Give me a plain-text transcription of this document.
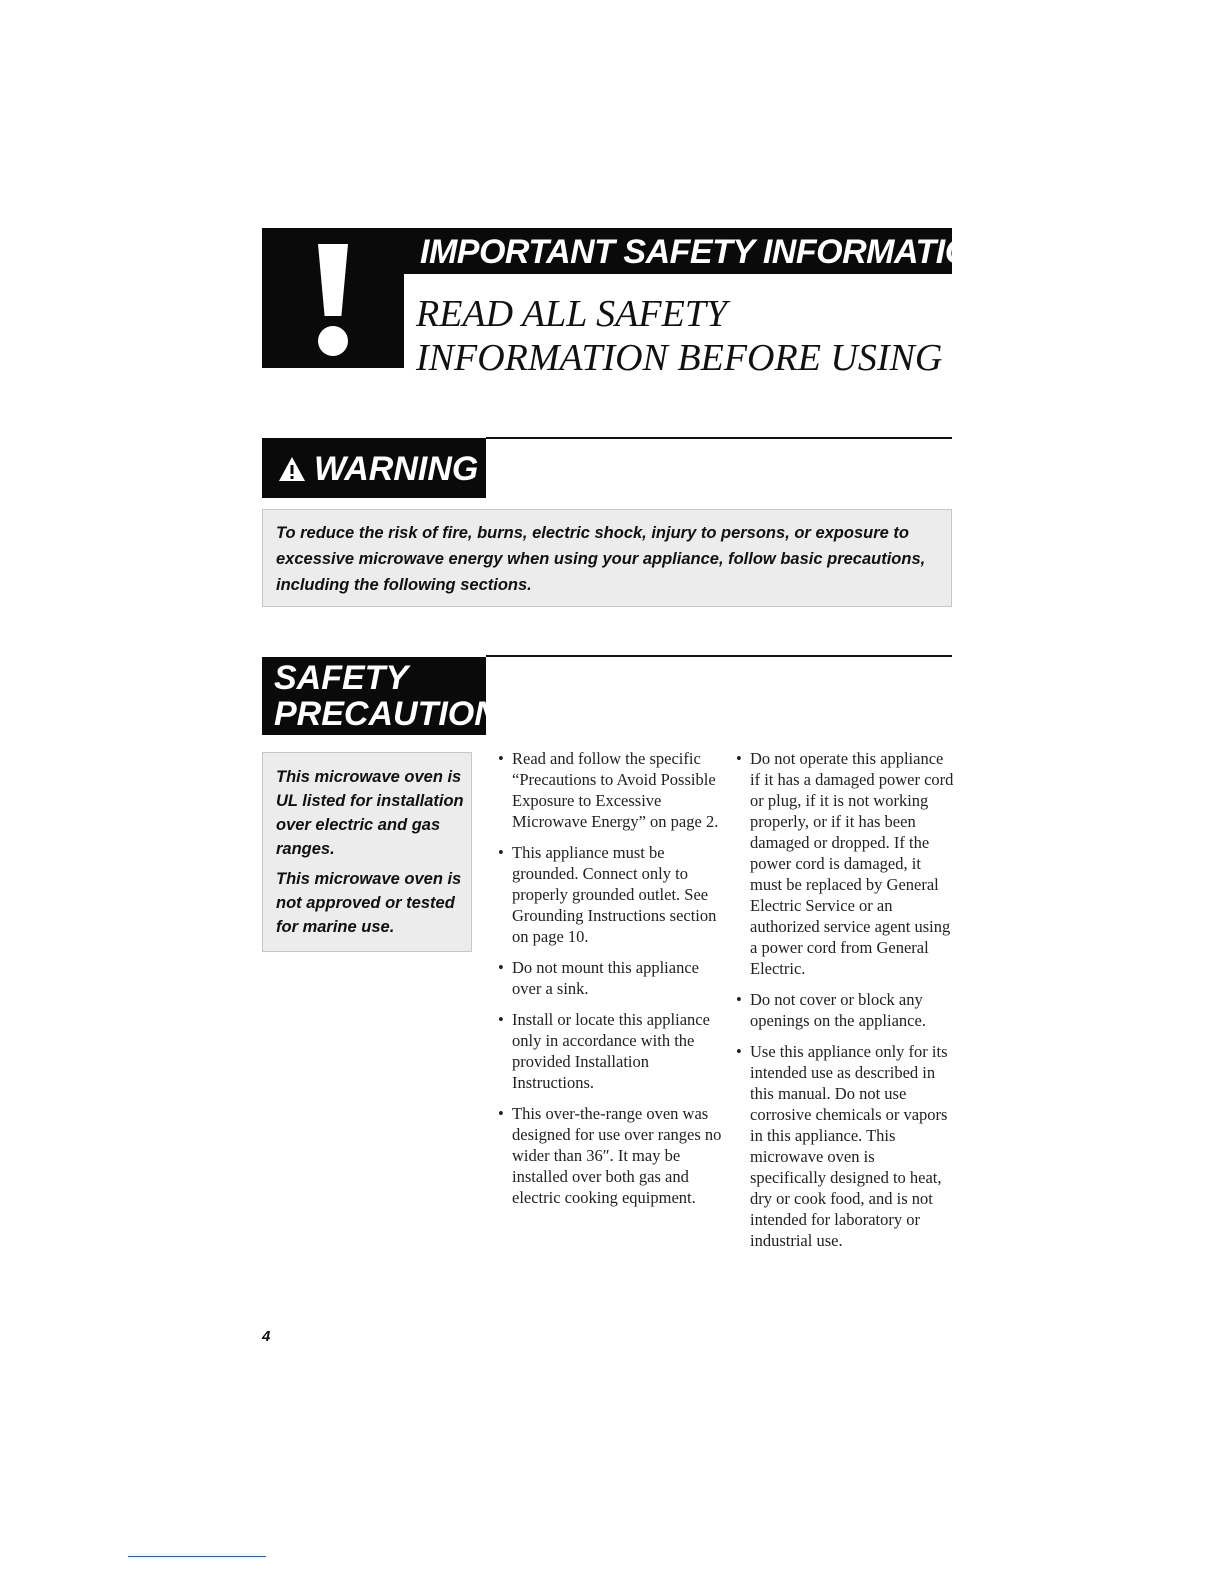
IMPORTANT SAFETY INFORMATION
READ ALL SAFETY
INFORMATION BEFORE USING
WARNING
To reduce the risk of fire, burns, electric shock, injury to persons, or exposure to excessive microwave energy when using your appliance, follow basic precautions, including the following sections.
SAFETY
PRECAUTIONS

This microwave oven is UL listed for installation over electric and gas ranges.

This microwave oven is not approved or tested for marine use.

• Read and follow the specific “Precautions to Avoid Possible Exposure to Excessive Microwave Energy” on page 2.
• This appliance must be grounded. Connect only to properly grounded outlet. See Grounding Instructions section on page 10.
• Do not mount this appliance over a sink.
• Install or locate this appliance only in accordance with the provided Installation Instructions.
• This over-the-range oven was designed for use over ranges no wider than 36″. It may be installed over both gas and electric cooking equipment.
• Do not operate this appliance if it has a damaged power cord or plug, if it is not working properly, or if it has been damaged or dropped. If the power cord is damaged, it must be replaced by General Electric Service or an authorized service agent using a power cord from General Electric.
• Do not cover or block any openings on the appliance.
• Use this appliance only for its intended use as described in this manual. Do not use corrosive chemicals or vapors in this appliance. This microwave oven is specifically designed to heat, dry or cook food, and is not intended for laboratory or industrial use.
4
